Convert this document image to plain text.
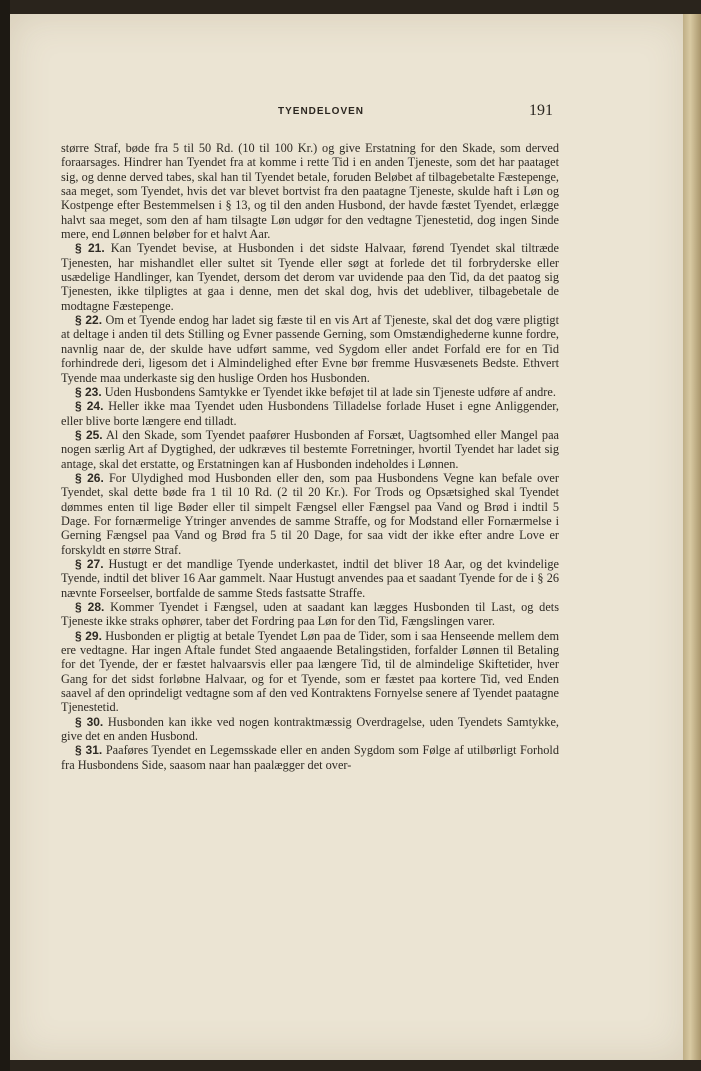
TYENDELOVEN	191

større Straf, bøde fra 5 til 50 Rd. (10 til 100 Kr.) og give Erstatning for den Skade, som derved foraarsages. Hindrer han Tyendet fra at komme i rette Tid i en anden Tjeneste, som det har paataget sig, og denne derved tabes, skal han til Tyendet betale, foruden Beløbet af tilbagebetalte Fæstepenge, saa meget, som Tyendet, hvis det var blevet bortvist fra den paatagne Tjeneste, skulde haft i Løn og Kostpenge efter Bestemmelsen i § 13, og til den anden Husbond, der havde fæstet Tyendet, erlægge halvt saa meget, som den af ham tilsagte Løn udgør for den vedtagne Tjenestetid, dog ingen Sinde mere, end Lønnen beløber for et halvt Aar.

§ 21. Kan Tyendet bevise, at Husbonden i det sidste Halvaar, førend Tyendet skal tiltræde Tjenesten, har mishandlet eller sultet sit Tyende eller søgt at forlede det til forbryderske eller usædelige Handlinger, kan Tyendet, dersom det derom var uvidende paa den Tid, da det paatog sig Tjenesten, ikke tilpligtes at gaa i denne, men det skal dog, hvis det udebliver, tilbagebetale de modtagne Fæstepenge.

§ 22. Om et Tyende endog har ladet sig fæste til en vis Art af Tjeneste, skal det dog være pligtigt at deltage i anden til dets Stilling og Evner passende Gerning, som Omstændighederne kunne fordre, navnlig naar de, der skulde have udført samme, ved Sygdom eller andet Forfald ere for en Tid forhindrede deri, ligesom det i Almindelighed efter Evne bør fremme Husvæsenets Bedste. Ethvert Tyende maa underkaste sig den huslige Orden hos Husbonden.

§ 23. Uden Husbondens Samtykke er Tyendet ikke beføjet til at lade sin Tjeneste udføre af andre.

§ 24. Heller ikke maa Tyendet uden Husbondens Tilladelse forlade Huset i egne Anliggender, eller blive borte længere end tilladt.

§ 25. Al den Skade, som Tyendet paafører Husbonden af Forsæt, Uagtsomhed eller Mangel paa nogen særlig Art af Dygtighed, der udkræves til bestemte Forretninger, hvortil Tyendet har ladet sig antage, skal det erstatte, og Erstatningen kan af Husbonden indeholdes i Lønnen.

§ 26. For Ulydighed mod Husbonden eller den, som paa Husbondens Vegne kan befale over Tyendet, skal dette bøde fra 1 til 10 Rd. (2 til 20 Kr.). For Trods og Opsætsighed skal Tyendet dømmes enten til lige Bøder eller til simpelt Fængsel eller Fængsel paa Vand og Brød i indtil 5 Dage. For fornærmelige Ytringer anvendes de samme Straffe, og for Modstand eller Fornærmelse i Gerning Fængsel paa Vand og Brød fra 5 til 20 Dage, for saa vidt der ikke efter andre Love er forskyldt en større Straf.

§ 27. Hustugt er det mandlige Tyende underkastet, indtil det bliver 18 Aar, og det kvindelige Tyende, indtil det bliver 16 Aar gammelt. Naar Hustugt anvendes paa et saadant Tyende for de i § 26 nævnte Forseelser, bortfalde de samme Steds fastsatte Straffe.

§ 28. Kommer Tyendet i Fængsel, uden at saadant kan lægges Husbonden til Last, og dets Tjeneste ikke straks ophører, taber det Fordring paa Løn for den Tid, Fængslingen varer.

§ 29. Husbonden er pligtig at betale Tyendet Løn paa de Tider, som i saa Henseende mellem dem ere vedtagne. Har ingen Aftale fundet Sted angaaende Betalingstiden, forfalder Lønnen til Betaling for det Tyende, der er fæstet halvaarsvis eller paa længere Tid, til de almindelige Skiftetider, hver Gang for det sidst forløbne Halvaar, og for et Tyende, som er fæstet paa kortere Tid, ved Enden saavel af den oprindeligt vedtagne som af den ved Kontraktens Fornyelse senere af Tyendet paatagne Tjenestetid.

§ 30. Husbonden kan ikke ved nogen kontraktmæssig Overdragelse, uden Tyendets Samtykke, give det en anden Husbond.

§ 31. Paaføres Tyendet en Legemsskade eller en anden Sygdom som Følge af utilbørligt Forhold fra Husbondens Side, saasom naar han paalægger det over-
